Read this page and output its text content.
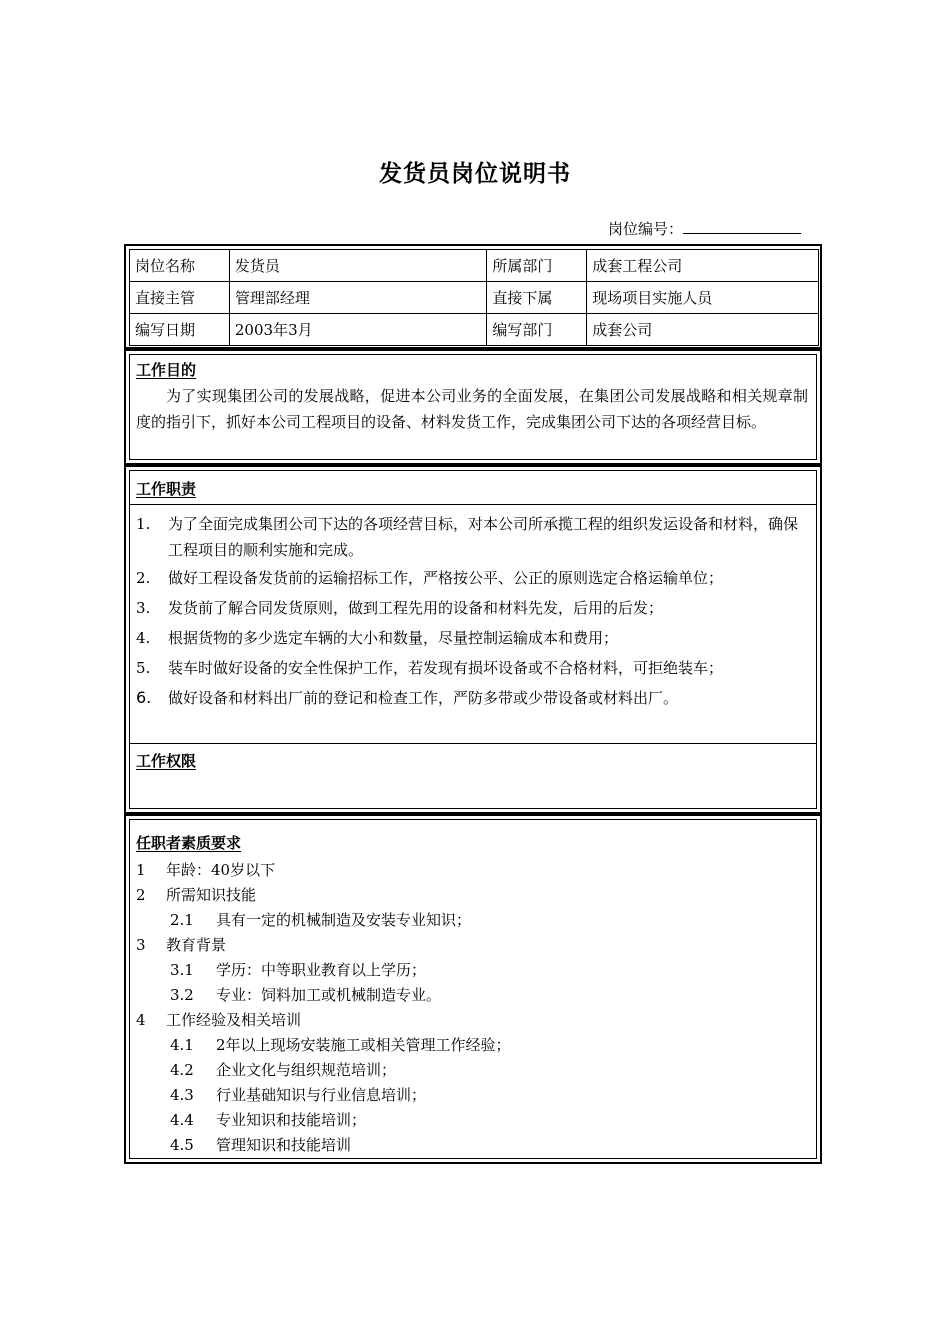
发货员岗位说明书
岗位编号：
岗位名称	发货员	所属部门	成套工程公司
直接主管	管理部经理	直接下属	现场项目实施人员
编写日期	2003年3月	编写部门	成套公司
工作目的
为了实现集团公司的发展战略，促进本公司业务的全面发展，在集团公司发展战略和相关规章制度的指引下，抓好本公司工程项目的设备、材料发货工作，完成集团公司下达的各项经营目标。
工作职责
1. 为了全面完成集团公司下达的各项经营目标，对本公司所承揽工程的组织发运设备和材料，确保工程项目的顺利实施和完成。
2. 做好工程设备发货前的运输招标工作，严格按公平、公正的原则选定合格运输单位；
3. 发货前了解合同发货原则，做到工程先用的设备和材料先发，后用的后发；
4. 根据货物的多少选定车辆的大小和数量，尽量控制运输成本和费用；
5. 装车时做好设备的安全性保护工作，若发现有损坏设备或不合格材料，可拒绝装车；
6. 做好设备和材料出厂前的登记和检查工作，严防多带或少带设备或材料出厂。
工作权限
任职者素质要求
1 年龄：40岁以下
2 所需知识技能
2.1 具有一定的机械制造及安装专业知识；
3 教育背景
3.1 学历：中等职业教育以上学历；
3.2 专业：饲料加工或机械制造专业。
4 工作经验及相关培训
4.1 2年以上现场安装施工或相关管理工作经验；
4.2 企业文化与组织规范培训；
4.3 行业基础知识与行业信息培训；
4.4 专业知识和技能培训；
4.5 管理知识和技能培训
